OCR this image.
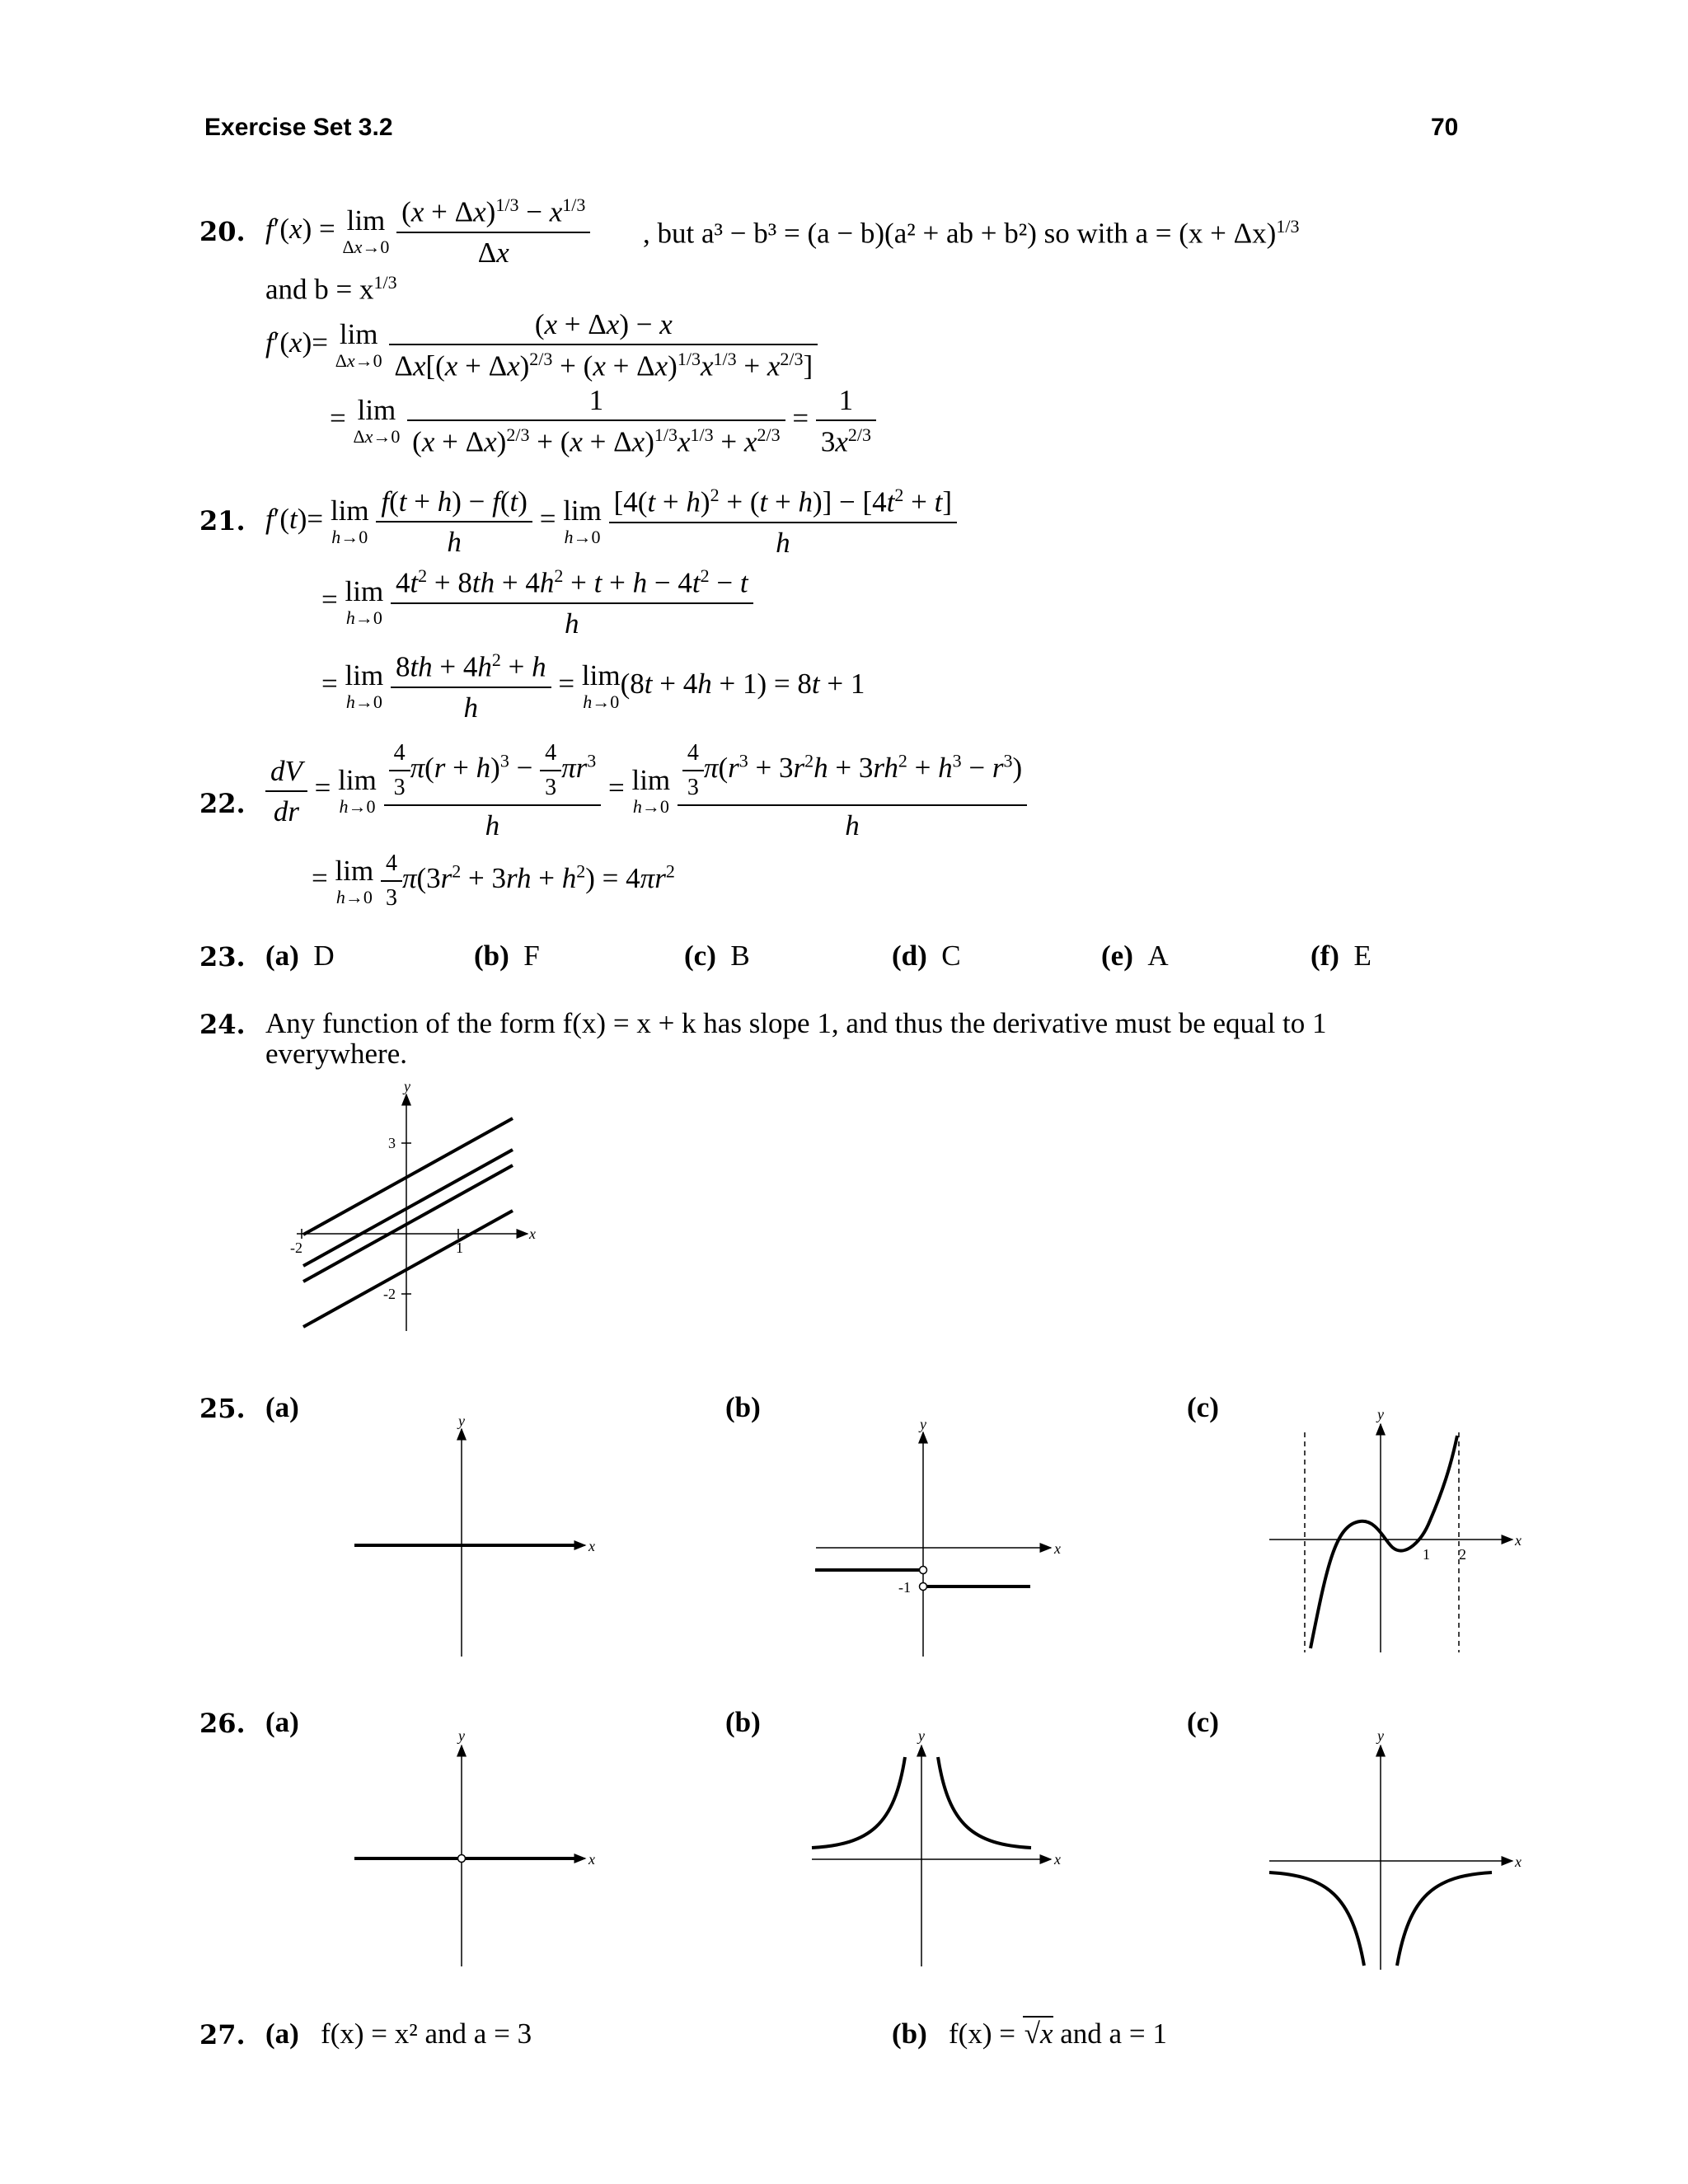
Exercise Set 3.2	70
20. f′(x) = lim
Δx→0
$\frac{(x + \Delta x)^{1/3} - x^{1/3}}{\Delta x}$ , but a³ − b³ = (a − b)(a² + ab + b²) so with $a = (x + \Delta x)^{1/3}$
and $b = x^{1/3}$
f′(x)= lim
Δx→0
$\frac{(x + \Delta x) - x}{\Delta x[(x + \Delta x)^{2/3} + (x + \Delta x)^{1/3}x^{1/3} + x^{2/3}]}$
= lim
Δx→0
$\frac{1}{(x + \Delta x)^{2/3} + (x + \Delta x)^{1/3}x^{1/3} + x^{2/3}} = \frac{1}{3x^{2/3}}$
21. f′(t)= lim
h→0
$\frac{f(t + h) - f(t)}{h} = \lim$
h→0
$\frac{[4(t + h)^2 + (t + h)] - [4t^2 + t]}{h}$
= lim
h→0
$\frac{4t^2 + 8th + 4h^2 + t + h - 4t^2 - t}{h}$
= lim
h→0
$\frac{8th + 4h^2 + h}{h} = \lim$
h→0
(8t + 4h + 1) = 8t + 1
22. $\frac{dV}{dr} = \lim$
h→0
$\frac{\frac{4}{3} \pi(r + h)^3 - \frac{4}{3} \pi r^3}{h} = \lim$
h→0
$\frac{\frac{4}{3} \pi(r^3 + 3r^2h + 3rh^2 + h^3 - r^3)}{h}$
= lim
h→0
$\frac{4}{3} \pi(3r^2 + 3rh + h^2) = 4\pi r^2$
23. (a) D	(b) F	(c) B	(d) C	(e) A	(f) E
24. Any function of the form f(x) = x + k has slope 1, and thus the derivative must be equal to 1
everywhere.
y
x
3
-2
-2	1
25. (a)	(b)	(c)
y
x
y
x
-1
y
x
1 2
26. (a)	(b)	(c)
y
x
y
x
y
x
27. (a) f(x) = x² and a = 3	(b) f(x) = √x and a = 1
